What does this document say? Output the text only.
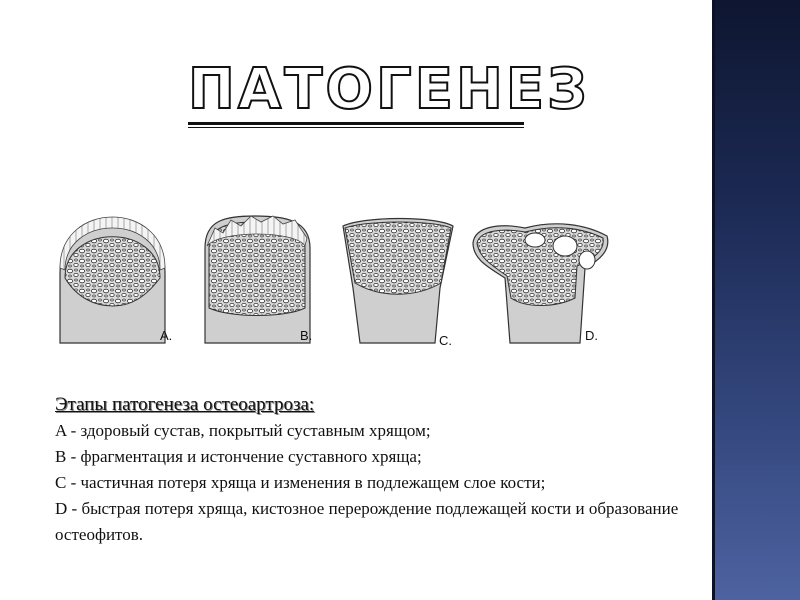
ПАТОГЕНЕЗ
A.	B.	C.	D.
Этапы патогенеза остеоартроза:
A - здоровый сустав, покрытый суставным хрящом;
B - фрагментация и истончение суставного хряща;
C - частичная потеря хряща и изменения в подлежащем слое кости;
D - быстрая потеря хряща, кистозное перерождение подлежащей кости и образование остеофитов.
